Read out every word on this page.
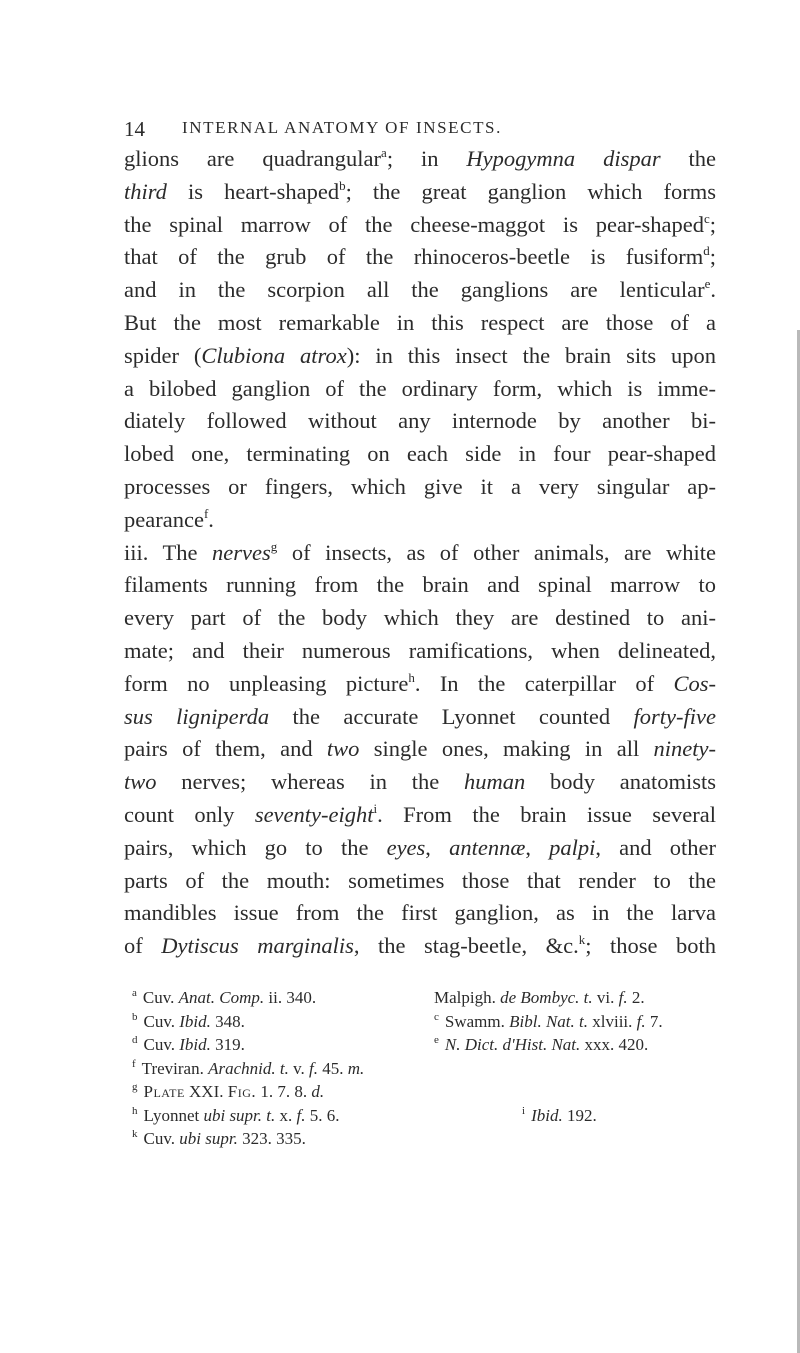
14 INTERNAL ANATOMY OF INSECTS.
glions are quadrangular$^a$; in Hypogymna dispar the
third is heart-shaped$^b$; the great ganglion which forms
the spinal marrow of the cheese-maggot is pear-shaped$^c$;
that of the grub of the rhinoceros-beetle is fusiform$^d$;
and in the scorpion all the ganglions are lenticular$^e$.
But the most remarkable in this respect are those of a
spider (Clubiona atrox): in this insect the brain sits upon
a bilobed ganglion of the ordinary form, which is imme-
diately followed without any internode by another bi-
lobed one, terminating on each side in four pear-shaped
processes or fingers, which give it a very singular ap-
pearance$^f$.
iii. The nerves$^g$ of insects, as of other animals, are white
filaments running from the brain and spinal marrow to
every part of the body which they are destined to ani-
mate; and their numerous ramifications, when delineated,
form no unpleasing picture$^h$. In the caterpillar of Cos-
sus ligniperda the accurate Lyonnet counted forty-five
pairs of them, and two single ones, making in all ninety-
two nerves; whereas in the human body anatomists
count only seventy-eight$^i$. From the brain issue several
pairs, which go to the eyes, antennæ, palpi, and other
parts of the mouth: sometimes those that render to the
mandibles issue from the first ganglion, as in the larva
of Dytiscus marginalis, the stag-beetle, &c.$^k$; those both
$^a$ Cuv. Anat. Comp. ii. 340.	Malpigh. de Bombyc. t. vi. f. 2.
$^b$ Cuv. Ibid. 348.	$^c$ Swamm. Bibl. Nat. t. xlviii. f. 7.
$^d$ Cuv. Ibid. 319.	$^e$ N. Dict. d'Hist. Nat. xxx. 420.
$^f$ Treviran. Arachnid. t. v. f. 45. m.
$^g$ Plate XXI. Fig. 1. 7. 8. d.
$^h$ Lyonnet ubi supr. t. x. f. 5. 6.	$^i$ Ibid. 192.
$^k$ Cuv. ubi supr. 323. 335.
